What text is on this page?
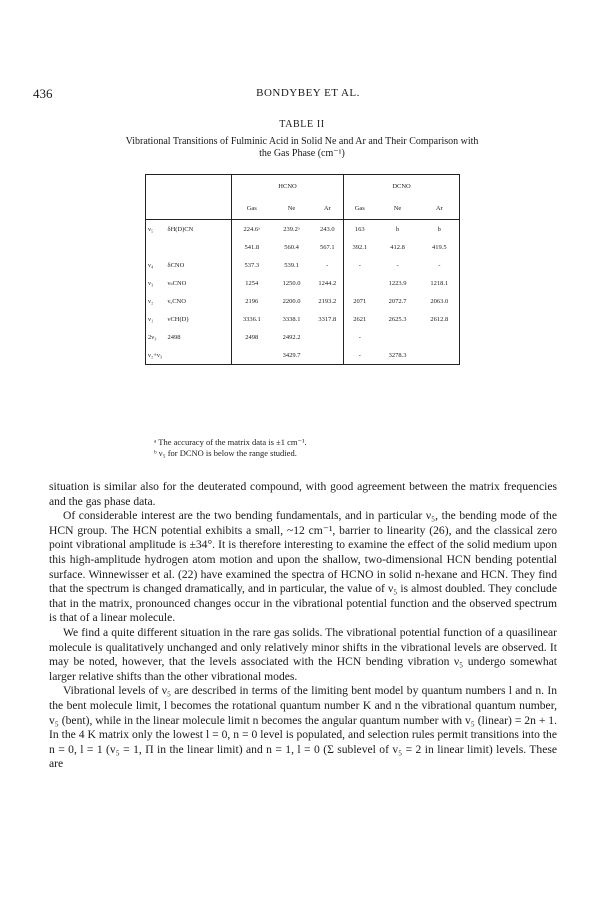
436	BONDYBEY ET AL.
TABLE II
Vibrational Transitions of Fulminic Acid in Solid Ne and Ar and Their Comparison with the Gas Phase (cm⁻¹)
		HCNO			DCNO		
		Gas	Ne	Ar	Gas	Ne	Ar
ν₅	δH(D)CN	224.6ᵃ	239.2ᵃ	243.0	163	b	b
		541.8	560.4	567.1	392.1	412.8	419.5
ν₄	δCNO	537.3	539.1	-	-	-	-
ν₃	νₛCNO	1254	1250.0	1244.2		1223.9	1218.1
ν₂	νₐCNO	2196	2200.0	2193.2	2071	2072.7	2063.0
ν₁	νCH(D)	3336.1	3338.1	3317.8	2621	2625.3	2612.8
2ν₃	2498	2498	2492.2		-		
ν₂+ν₃			3429.7		-	3278.3	
ᵃ The accuracy of the matrix data is ±1 cm⁻¹.
ᵇ ν₅ for DCNO is below the range studied.

situation is similar also for the deuterated compound, with good agreement between the matrix frequencies and the gas phase data.

Of considerable interest are the two bending fundamentals, and in particular ν₅, the bending mode of the HCN group. The HCN potential exhibits a small, ~12 cm⁻¹, barrier to linearity (26), and the classical zero point vibrational amplitude is ±34°. It is therefore interesting to examine the effect of the solid medium upon this high-amplitude hydrogen atom motion and upon the shallow, two-dimensional HCN bending potential surface. Winnewisser et al. (22) have examined the spectra of HCNO in solid n-hexane and HCN. They find that the spectrum is changed dramatically, and in particular, the value of ν₅ is almost doubled. They conclude that in the matrix, pronounced changes occur in the vibrational potential function and the observed spectrum is that of a linear molecule.

We find a quite different situation in the rare gas solids. The vibrational potential function of a quasilinear molecule is qualitatively unchanged and only relatively minor shifts in the vibrational levels are observed. It may be noted, however, that the levels associated with the HCN bending vibration ν₅ undergo somewhat larger relative shifts than the other vibrational modes.

Vibrational levels of ν₅ are described in terms of the limiting bent model by quantum numbers l and n. In the bent molecule limit, l becomes the rotational quantum number K and n the vibrational quantum number, v₅ (bent), while in the linear molecule limit n becomes the angular quantum number with v₅ (linear) = 2n + 1. In the 4 K matrix only the lowest l = 0, n = 0 level is populated, and selection rules permit transitions into the n = 0, l = 1 (v₅ = 1, Π in the linear limit) and n = 1, l = 0 (Σ sublevel of v₅ = 2 in linear limit) levels. These are
